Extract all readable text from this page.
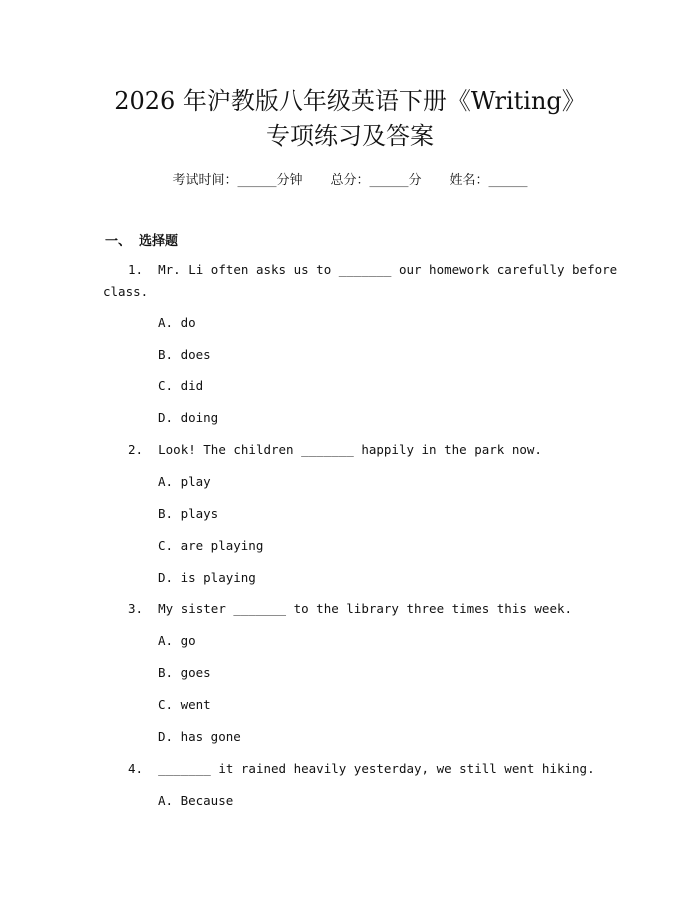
2026 年沪教版八年级英语下册《Writing》
专项练习及答案
考试时间：______分钟 总分：______分 姓名：______
一、 选择题
1. Mr. Li often asks us to _______ our homework carefully before
class.
A. do
B. does
C. did
D. doing
2. Look! The children _______ happily in the park now.
A. play
B. plays
C. are playing
D. is playing
3. My sister _______ to the library three times this week.
A. go
B. goes
C. went
D. has gone
4. _______ it rained heavily yesterday, we still went hiking.
A. Because
